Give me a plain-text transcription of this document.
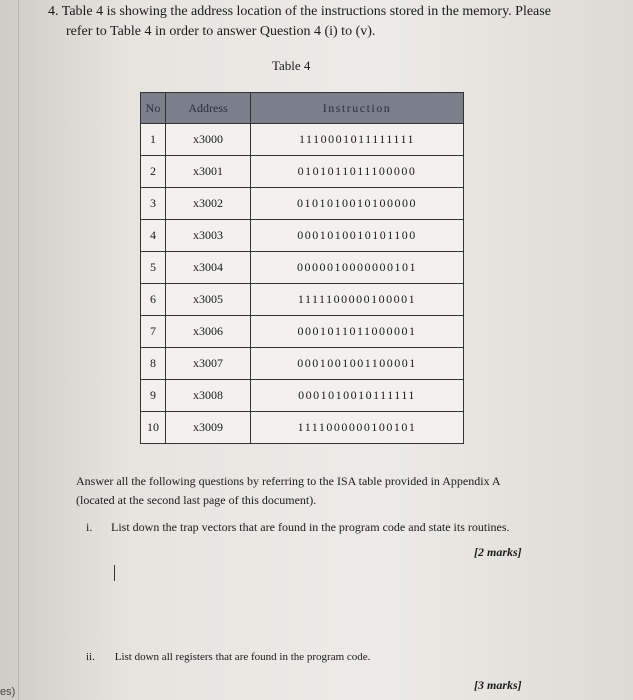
4. Table 4 is showing the address location of the instructions stored in the memory. Please
refer to Table 4 in order to answer Question 4 (i) to (v).
Table 4
No	Address	Instruction
1	x3000	1110001011111111
2	x3001	0101011011100000
3	x3002	0101010010100000
4	x3003	0001010010101100
5	x3004	0000010000000101
6	x3005	1111100000100001
7	x3006	0001011011000001
8	x3007	0001001001100001
9	x3008	0001010010111111
10	x3009	1111000000100101
Answer all the following questions by referring to the ISA table provided in Appendix A
(located at the second last page of this document).
i. List down the trap vectors that are found in the program code and state its routines.
[2 marks]
ii. List down all registers that are found in the program code.
[3 marks]
es)
